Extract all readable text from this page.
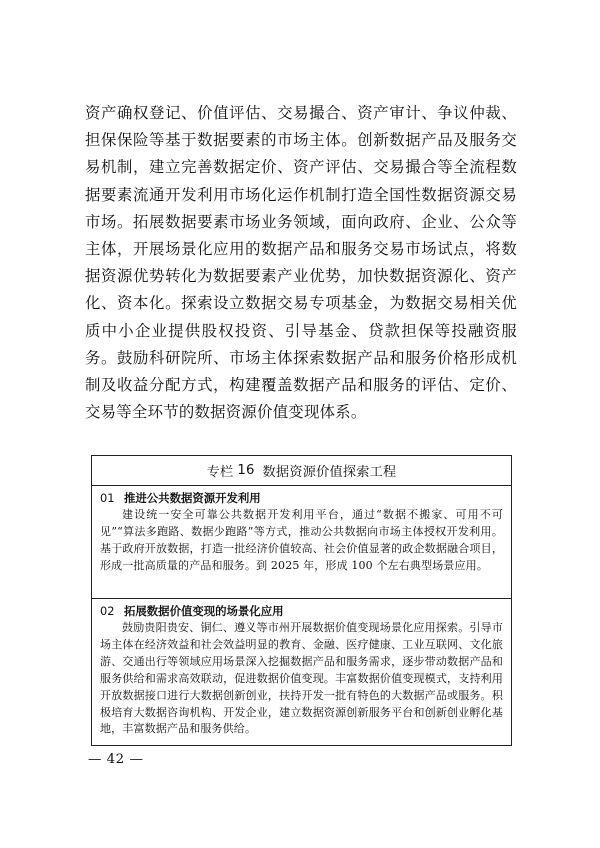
资产确权登记、价值评估、交易撮合、资产审计、争议仲裁、担保保险等基于数据要素的市场主体。创新数据产品及服务交易机制，建立完善数据定价、资产评估、交易撮合等全流程数据要素流通开发利用市场化运作机制打造全国性数据资源交易市场。拓展数据要素市场业务领域，面向政府、企业、公众等主体，开展场景化应用的数据产品和服务交易市场试点，将数据资源优势转化为数据要素产业优势，加快数据资源化、资产化、资本化。探索设立数据交易专项基金，为数据交易相关优质中小企业提供股权投资、引导基金、贷款担保等投融资服务。鼓励科研院所、市场主体探索数据产品和服务价格形成机制及收益分配方式，构建覆盖数据产品和服务的评估、定价、交易等全环节的数据资源价值变现体系。

专栏 16 数据资源价值探索工程
01 推进公共数据资源开发利用

建设统一安全可靠公共数据开发利用平台，通过“数据不搬家、可用不可见”“算法多跑路、数据少跑路”等方式，推动公共数据向市场主体授权开发利用。基于政府开放数据，打造一批经济价值较高、社会价值显著的政企数据融合项目，形成一批高质量的产品和服务。到 2025 年，形成 100 个左右典型场景应用。

02 拓展数据价值变现的场景化应用

鼓励贵阳贵安、铜仁、遵义等市州开展数据价值变现场景化应用探索。引导市场主体在经济效益和社会效益明显的教育、金融、医疗健康、工业互联网、文化旅游、交通出行等领域应用场景深入挖掘数据产品和服务需求，逐步带动数据产品和服务供给和需求高效联动，促进数据价值变现。丰富数据价值变现模式，支持利用开放数据接口进行大数据创新创业，扶持开发一批有特色的大数据产品或服务。积极培育大数据咨询机构、开发企业，建立数据资源创新服务平台和创新创业孵化基地，丰富数据产品和服务供给。

— 42 —
